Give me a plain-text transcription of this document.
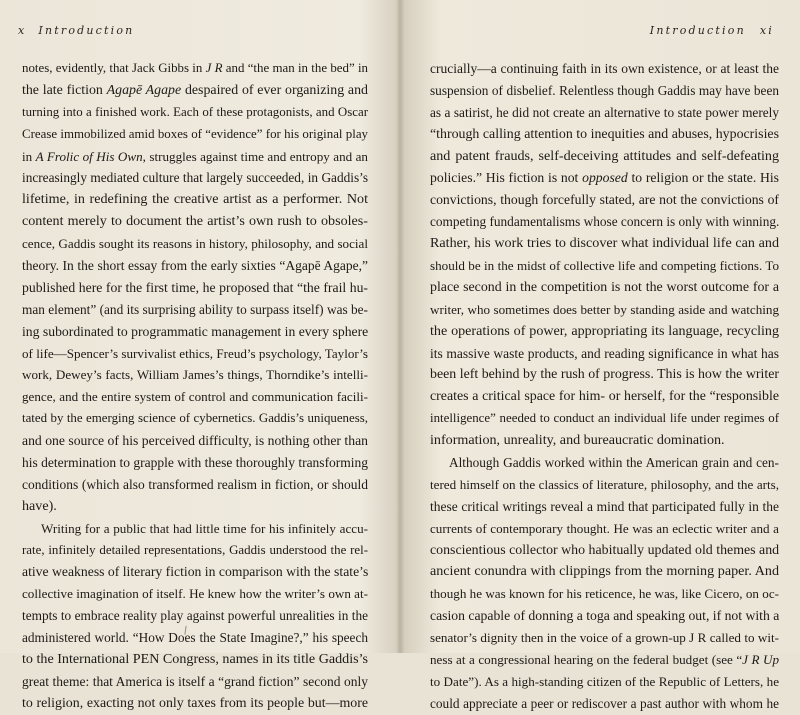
x Introduction
notes, evidently, that Jack Gibbs in J R and “the man in the bed” in
the late fiction Agapē Agape despaired of ever organizing and
turning into a finished work. Each of these protagonists, and Oscar
Crease immobilized amid boxes of “evidence” for his original play
in A Frolic of His Own, struggles against time and entropy and an
increasingly mediated culture that largely succeeded, in Gaddis’s
lifetime, in redefining the creative artist as a performer. Not
content merely to document the artist’s own rush to obsoles-
cence, Gaddis sought its reasons in history, philosophy, and social
theory. In the short essay from the early sixties “Agapē Agape,”
published here for the first time, he proposed that “the frail hu-
man element” (and its surprising ability to surpass itself) was be-
ing subordinated to programmatic management in every sphere
of life—Spencer’s survivalist ethics, Freud’s psychology, Taylor’s
work, Dewey’s facts, William James’s things, Thorndike’s intelli-
gence, and the entire system of control and communication facili-
tated by the emerging science of cybernetics. Gaddis’s uniqueness,
and one source of his perceived difficulty, is nothing other than
his determination to grapple with these thoroughly transforming
conditions (which also transformed realism in fiction, or should
have).
Writing for a public that had little time for his infinitely accu-
rate, infinitely detailed representations, Gaddis understood the rel-
ative weakness of literary fiction in comparison with the state’s
collective imagination of itself. He knew how the writer’s own at-
tempts to embrace reality play against powerful unrealities in the
administered world. “How Does the State Imagine?,” his speech
to the International PEN Congress, names in its title Gaddis’s
great theme: that America is itself a “grand fiction” second only
to religion, exacting not only taxes from its people but—more
Introduction xi
crucially—a continuing faith in its own existence, or at least the
suspension of disbelief. Relentless though Gaddis may have been
as a satirist, he did not create an alternative to state power merely
“through calling attention to inequities and abuses, hypocrisies
and patent frauds, self-deceiving attitudes and self-defeating
policies.” His fiction is not opposed to religion or the state. His
convictions, though forcefully stated, are not the convictions of
competing fundamentalisms whose concern is only with winning.
Rather, his work tries to discover what individual life can and
should be in the midst of collective life and competing fictions. To
place second in the competition is not the worst outcome for a
writer, who sometimes does better by standing aside and watching
the operations of power, appropriating its language, recycling
its massive waste products, and reading significance in what has
been left behind by the rush of progress. This is how the writer
creates a critical space for him- or herself, for the “responsible
intelligence” needed to conduct an individual life under regimes of
information, unreality, and bureaucratic domination.
Although Gaddis worked within the American grain and cen-
tered himself on the classics of literature, philosophy, and the arts,
these critical writings reveal a mind that participated fully in the
currents of contemporary thought. He was an eclectic writer and a
conscientious collector who habitually updated old themes and
ancient conundra with clippings from the morning paper. And
though he was known for his reticence, he was, like Cicero, on oc-
casion capable of donning a toga and speaking out, if not with a
senator’s dignity then in the voice of a grown-up J R called to wit-
ness at a congressional hearing on the federal budget (see “J R Up
to Date”). As a high-standing citizen of the Republic of Letters, he
could appreciate a peer or rediscover a past author with whom he
